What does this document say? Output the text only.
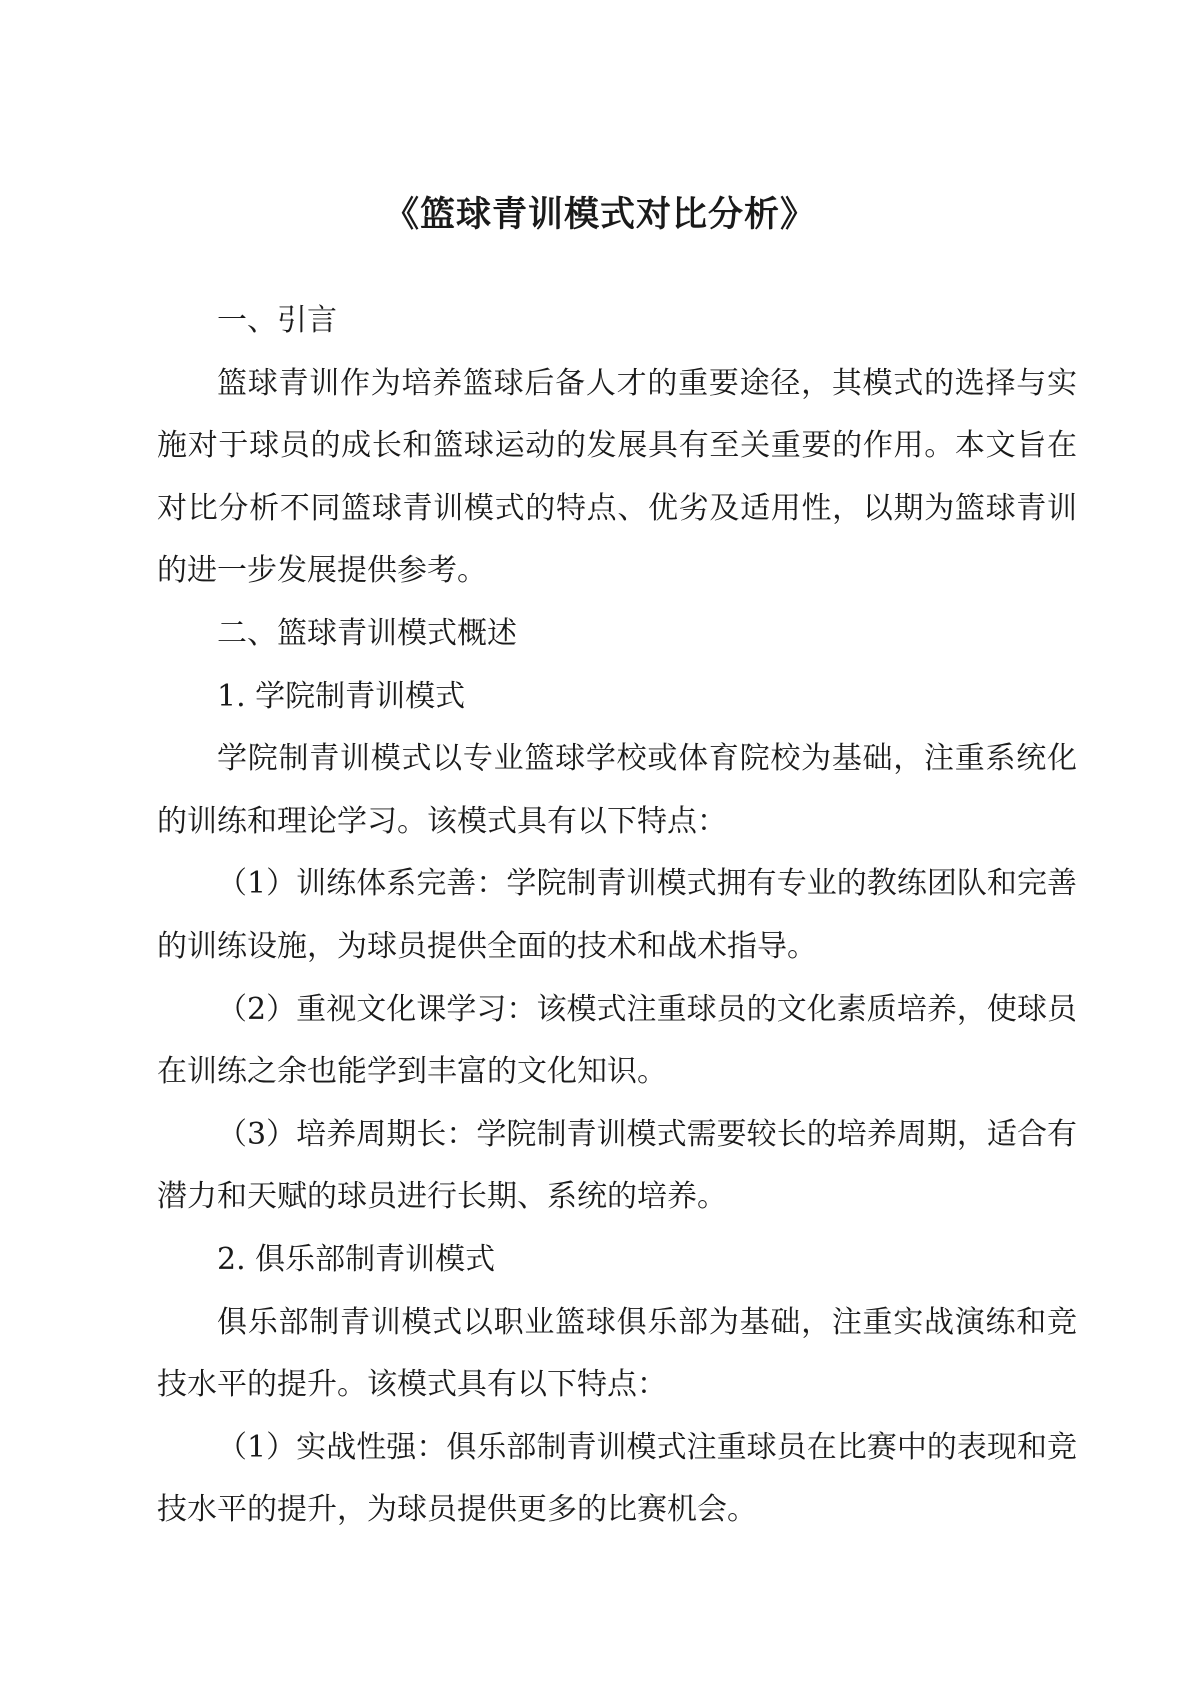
《篮球青训模式对比分析》

一、引言

篮球青训作为培养篮球后备人才的重要途径，其模式的选择与实施对于球员的成长和篮球运动的发展具有至关重要的作用。本文旨在对比分析不同篮球青训模式的特点、优劣及适用性，以期为篮球青训的进一步发展提供参考。

二、篮球青训模式概述

1. 学院制青训模式

学院制青训模式以专业篮球学校或体育院校为基础，注重系统化的训练和理论学习。该模式具有以下特点：

（1）训练体系完善：学院制青训模式拥有专业的教练团队和完善的训练设施，为球员提供全面的技术和战术指导。

（2）重视文化课学习：该模式注重球员的文化素质培养，使球员在训练之余也能学到丰富的文化知识。

（3）培养周期长：学院制青训模式需要较长的培养周期，适合有潜力和天赋的球员进行长期、系统的培养。

2. 俱乐部制青训模式

俱乐部制青训模式以职业篮球俱乐部为基础，注重实战演练和竞技水平的提升。该模式具有以下特点：

（1）实战性强：俱乐部制青训模式注重球员在比赛中的表现和竞技水平的提升，为球员提供更多的比赛机会。
